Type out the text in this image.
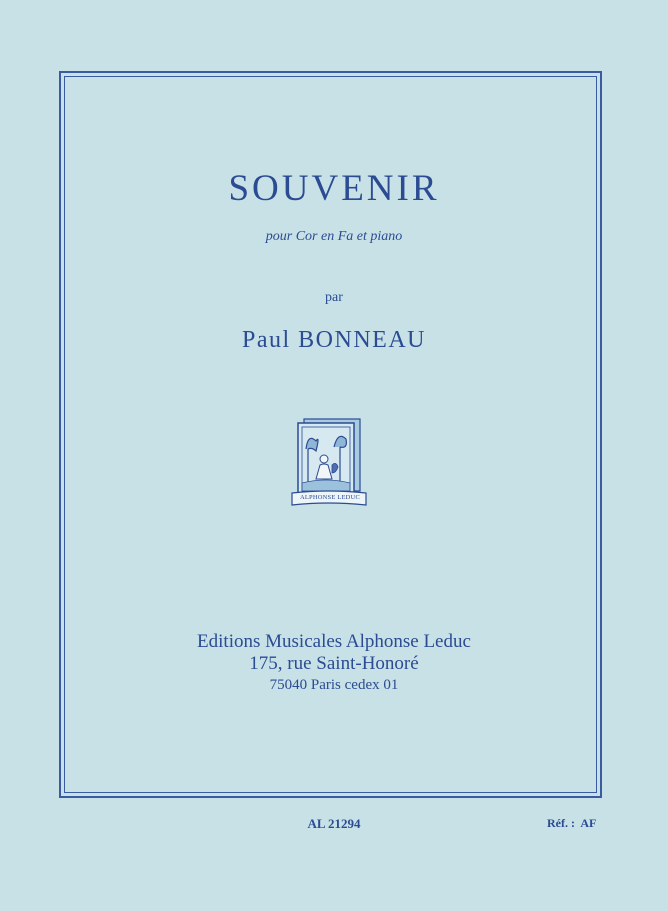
SOUVENIR
pour Cor en Fa et piano
par
Paul BONNEAU
ALPHONSE LEDUC
Editions Musicales Alphonse Leduc
175, rue Saint-Honoré
75040 Paris cedex 01
AL 21294	Réf. :  AF
